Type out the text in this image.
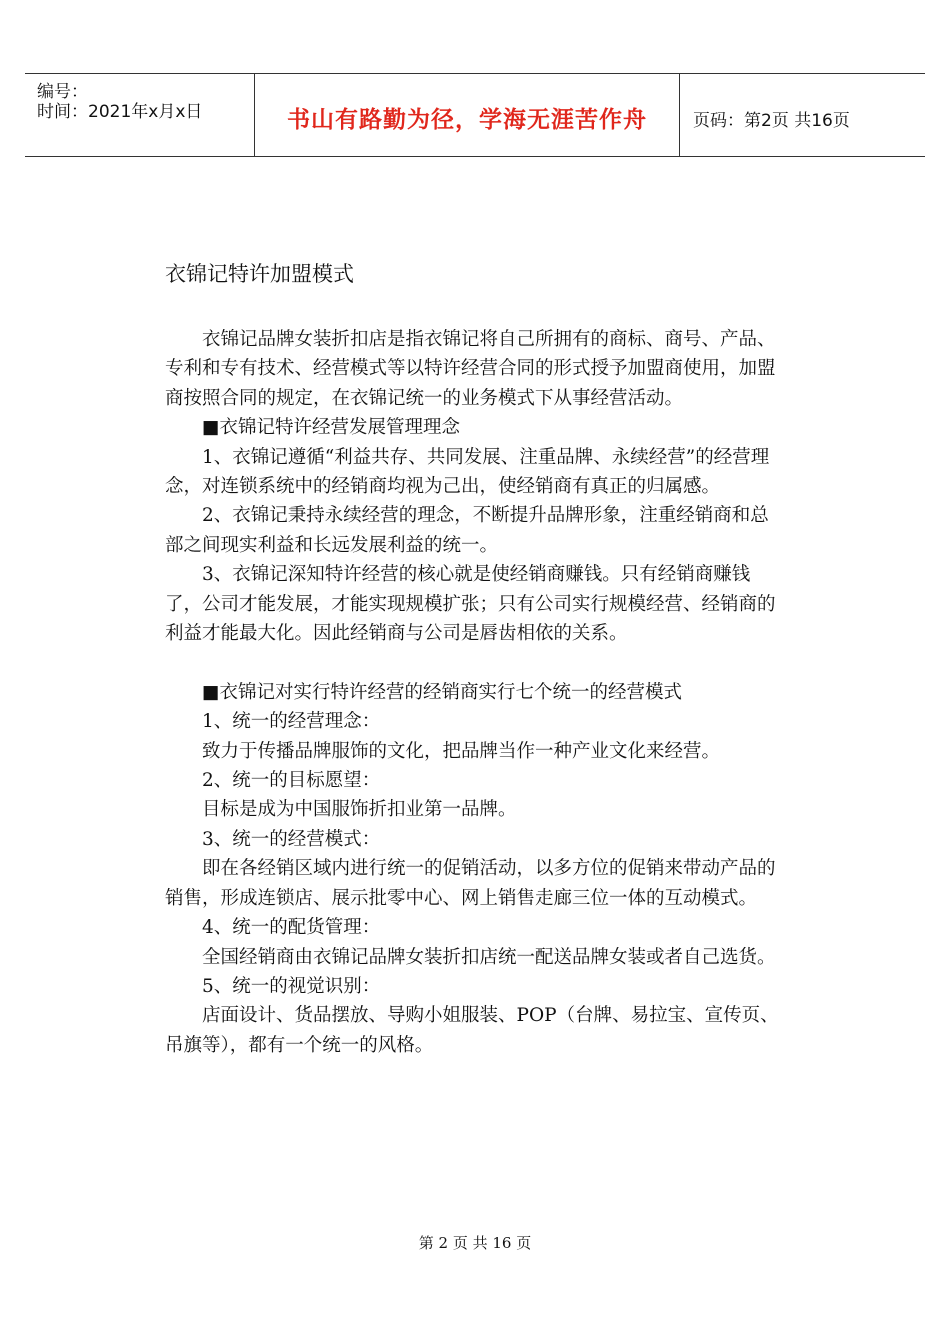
编号：
时间：2021年x月x日	书山有路勤为径，学海无涯苦作舟	页码：第2页 共16页
衣锦记特许加盟模式

衣锦记品牌女装折扣店是指衣锦记将自己所拥有的商标、商号、产品、专利和专有技术、经营模式等以特许经营合同的形式授予加盟商使用，加盟商按照合同的规定，在衣锦记统一的业务模式下从事经营活动。

■衣锦记特许经营发展管理理念

1、衣锦记遵循“利益共存、共同发展、注重品牌、永续经营”的经营理念，对连锁系统中的经销商均视为己出，使经销商有真正的归属感。

2、衣锦记秉持永续经营的理念，不断提升品牌形象，注重经销商和总部之间现实利益和长远发展利益的统一。

3、衣锦记深知特许经营的核心就是使经销商赚钱。只有经销商赚钱了，公司才能发展，才能实现规模扩张；只有公司实行规模经营、经销商的利益才能最大化。因此经销商与公司是唇齿相依的关系。

■衣锦记对实行特许经营的经销商实行七个统一的经营模式

1、统一的经营理念：

致力于传播品牌服饰的文化，把品牌当作一种产业文化来经营。

2、统一的目标愿望：

目标是成为中国服饰折扣业第一品牌。

3、统一的经营模式：

即在各经销区域内进行统一的促销活动，以多方位的促销来带动产品的销售，形成连锁店、展示批零中心、网上销售走廊三位一体的互动模式。

4、统一的配货管理：

全国经销商由衣锦记品牌女装折扣店统一配送品牌女装或者自己选货。

5、统一的视觉识别：

店面设计、货品摆放、导购小姐服装、POP（台牌、易拉宝、宣传页、吊旗等），都有一个统一的风格。

第 2 页 共 16 页
